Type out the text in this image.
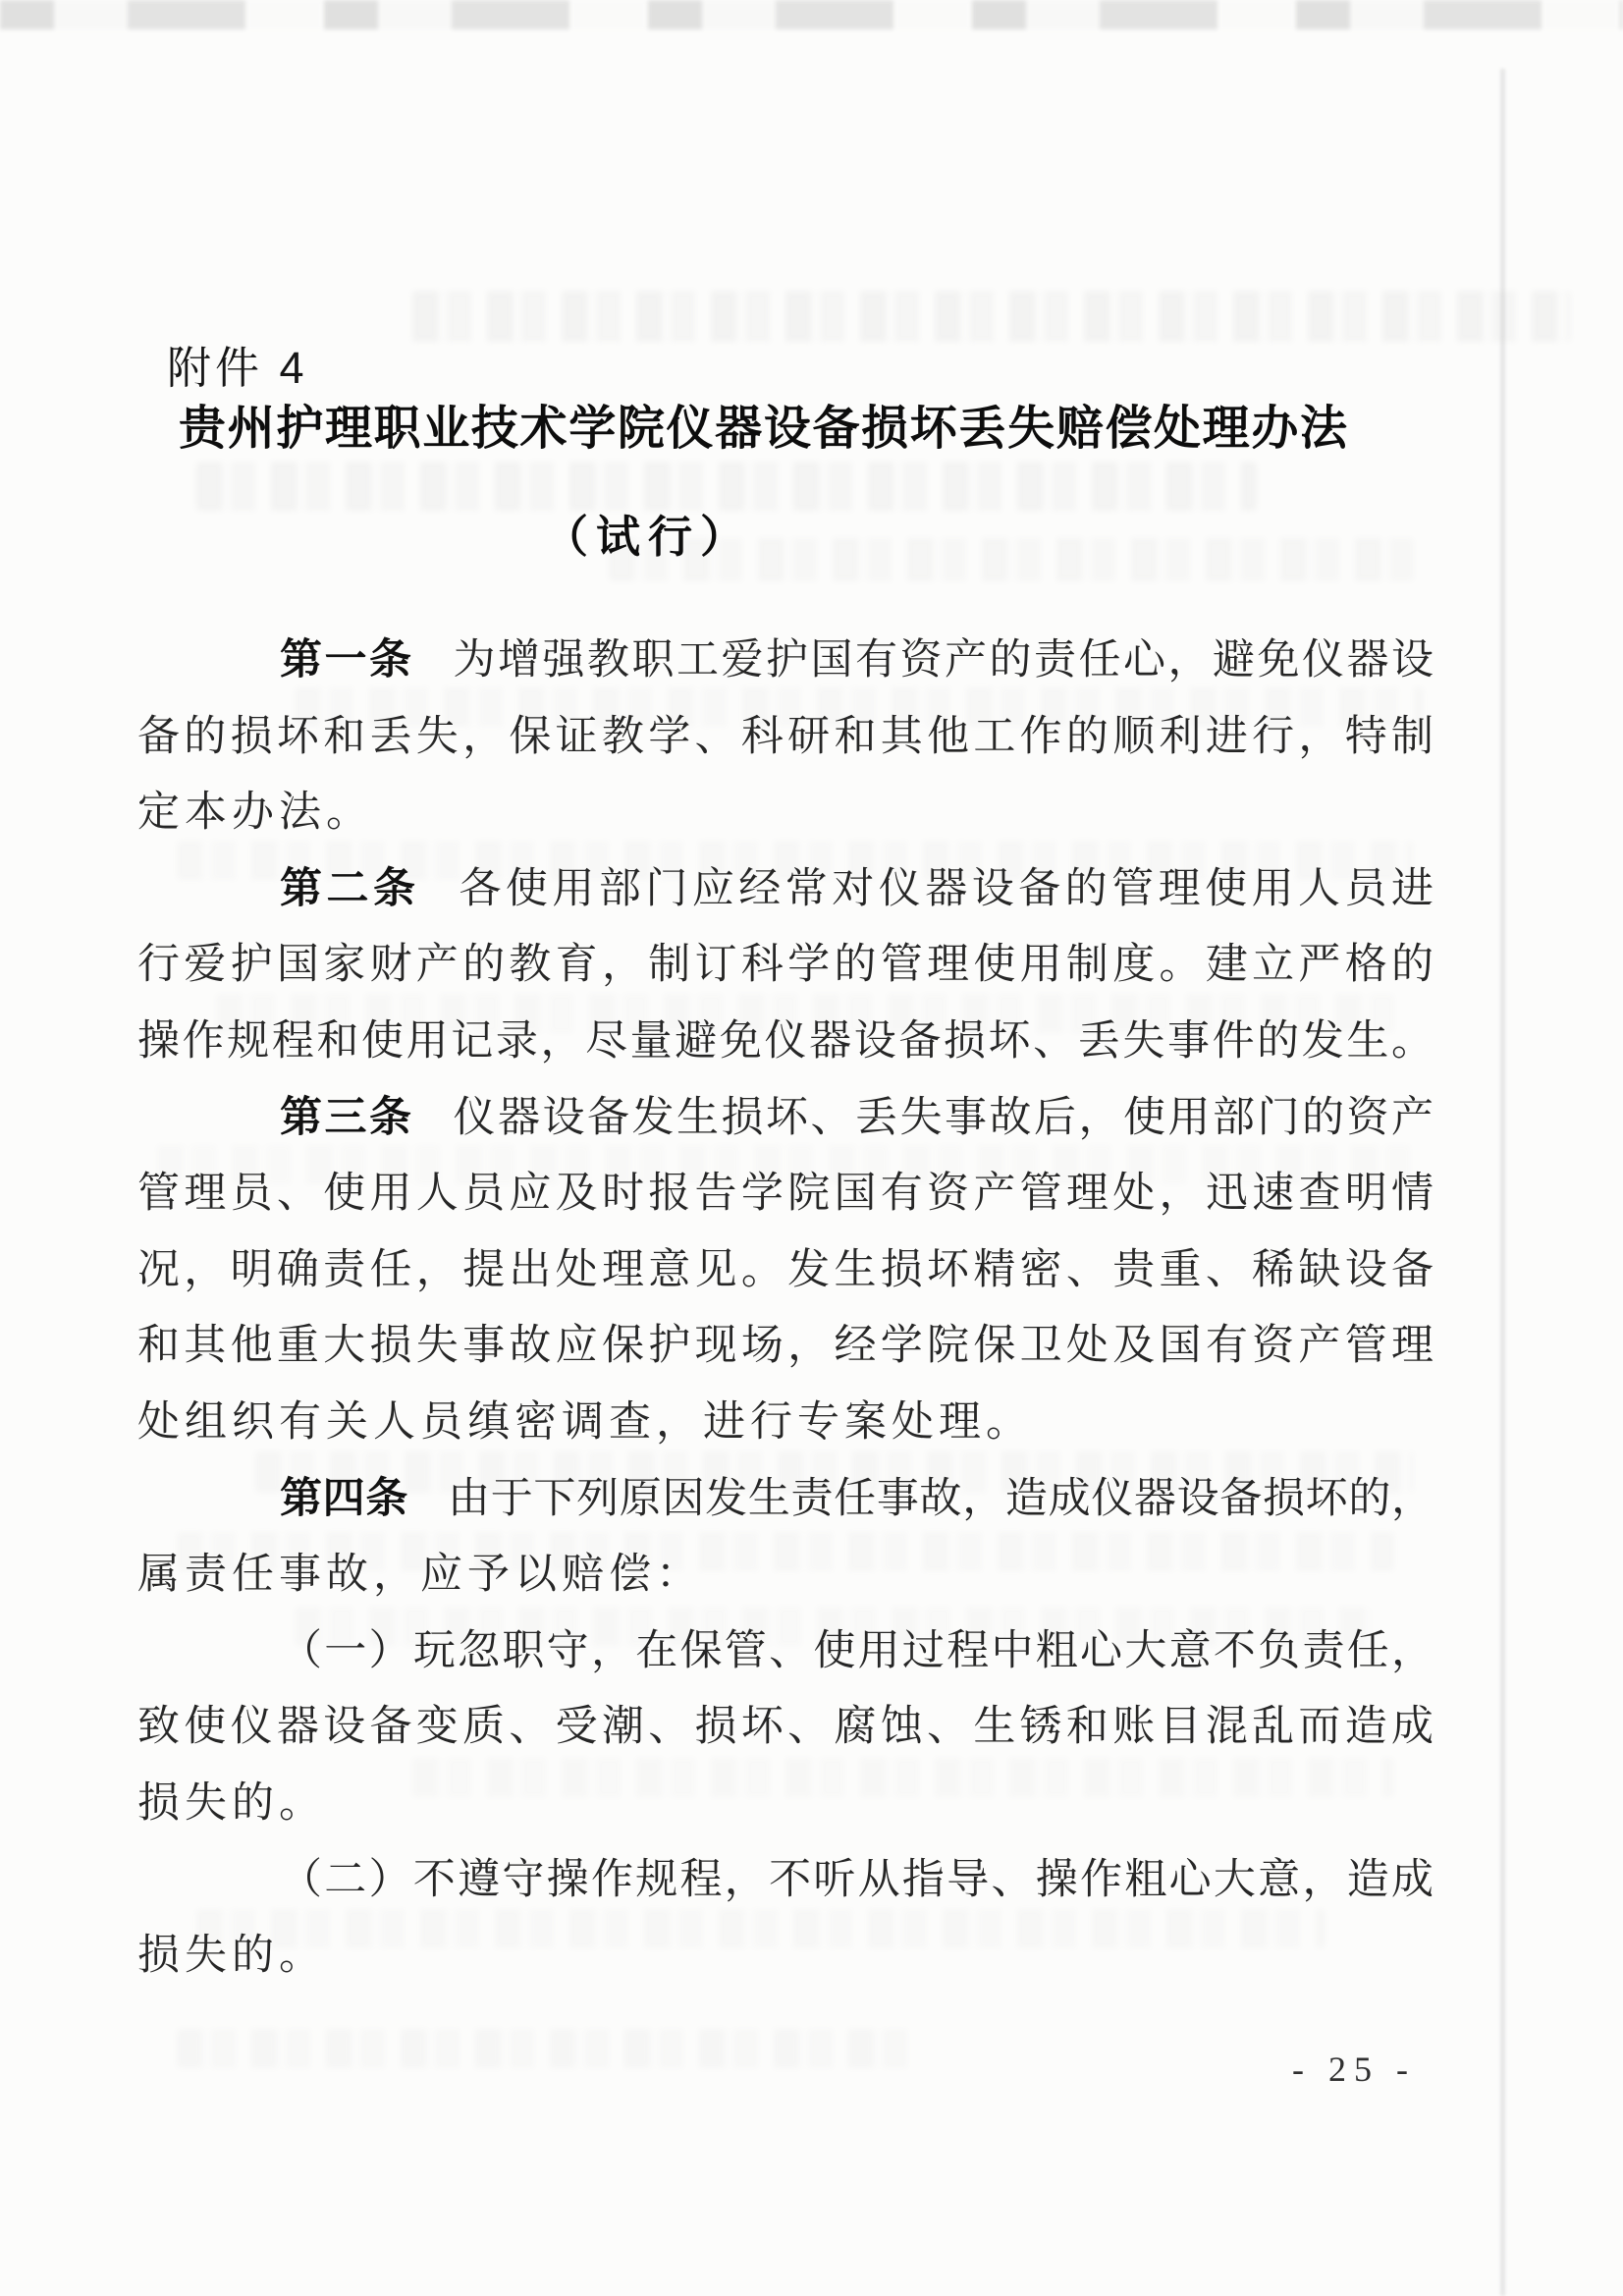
附件 4
贵州护理职业技术学院仪器设备损坏丢失赔偿处理办法
（试行）
第一条 为增强教职工爱护国有资产的责任心，避免仪器设
备的损坏和丢失，保证教学、科研和其他工作的顺利进行，特制
定本办法。
第二条 各使用部门应经常对仪器设备的管理使用人员进
行爱护国家财产的教育，制订科学的管理使用制度。建立严格的
操作规程和使用记录，尽量避免仪器设备损坏、丢失事件的发生。
第三条 仪器设备发生损坏、丢失事故后，使用部门的资产
管理员、使用人员应及时报告学院国有资产管理处，迅速查明情
况，明确责任，提出处理意见。发生损坏精密、贵重、稀缺设备
和其他重大损失事故应保护现场，经学院保卫处及国有资产管理
处组织有关人员缜密调查，进行专案处理。
第四条 由于下列原因发生责任事故，造成仪器设备损坏的，
属责任事故，应予以赔偿：
（一）玩忽职守，在保管、使用过程中粗心大意不负责任，
致使仪器设备变质、受潮、损坏、腐蚀、生锈和账目混乱而造成
损失的。
（二）不遵守操作规程，不听从指导、操作粗心大意，造成
损失的。
- 25 -
